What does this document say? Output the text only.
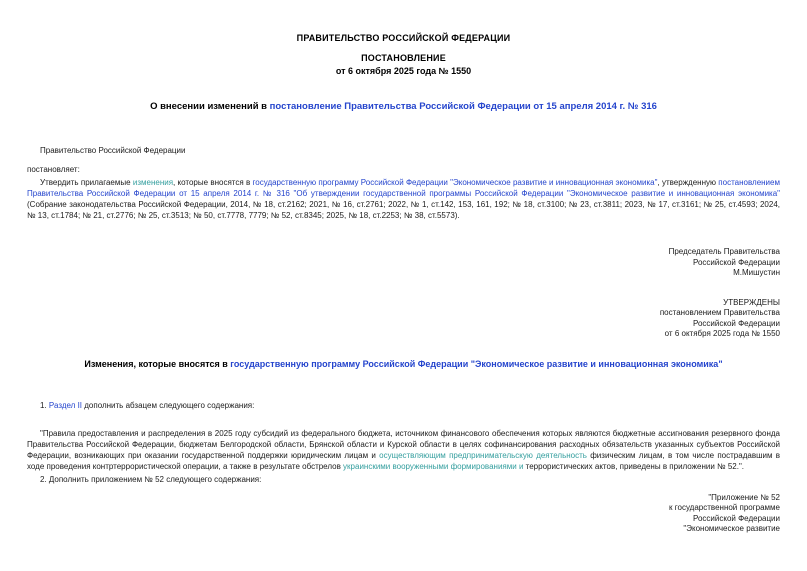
ПРАВИТЕЛЬСТВО РОССИЙСКОЙ ФЕДЕРАЦИИ
ПОСТАНОВЛЕНИЕ
от 6 октября 2025 года № 1550
О внесении изменений в постановление Правительства Российской Федерации от 15 апреля 2014 г. № 316
Правительство Российской Федерации
постановляет:
Утвердить прилагаемые изменения, которые вносятся в государственную программу Российской Федерации "Экономическое развитие и инновационная экономика", утвержденную постановлением Правительства Российской Федерации от 15 апреля 2014 г. № 316 "Об утверждении государственной программы Российской Федерации "Экономическое развитие и инновационная экономика" (Собрание законодательства Российской Федерации, 2014, № 18, ст.2162; 2021, № 16, ст.2761; 2022, № 1, ст.142, 153, 161, 192; № 18, ст.3100; № 23, ст.3811; 2023, № 17, ст.3161; № 25, ст.4593; 2024, № 13, ст.1784; № 21, ст.2776; № 25, ст.3513; № 50, ст.7778, 7779; № 52, ст.8345; 2025, № 18, ст.2253; № 38, ст.5573).
Председатель Правительства
Российской Федерации
М.Мишустин
УТВЕРЖДЕНЫ
постановлением Правительства
Российской Федерации
от 6 октября 2025 года № 1550
Изменения, которые вносятся в государственную программу Российской Федерации "Экономическое развитие и инновационная экономика"
1. Раздел II дополнить абзацем следующего содержания:
"Правила предоставления и распределения в 2025 году субсидий из федерального бюджета, источником финансового обеспечения которых являются бюджетные ассигнования резервного фонда Правительства Российской Федерации, бюджетам Белгородской области, Брянской области и Курской области в целях софинансирования расходных обязательств указанных субъектов Российской Федерации, возникающих при оказании государственной поддержки юридическим лицам и осуществляющим предпринимательскую деятельность физическим лицам, в том числе пострадавшим в ходе проведения контртеррористической операции, а также в результате обстрелов украинскими вооруженными формированиями и террористических актов, приведены в приложении № 52.".
2. Дополнить приложением № 52 следующего содержания:
"Приложение № 52
к государственной программе
Российской Федерации
"Экономическое развитие
